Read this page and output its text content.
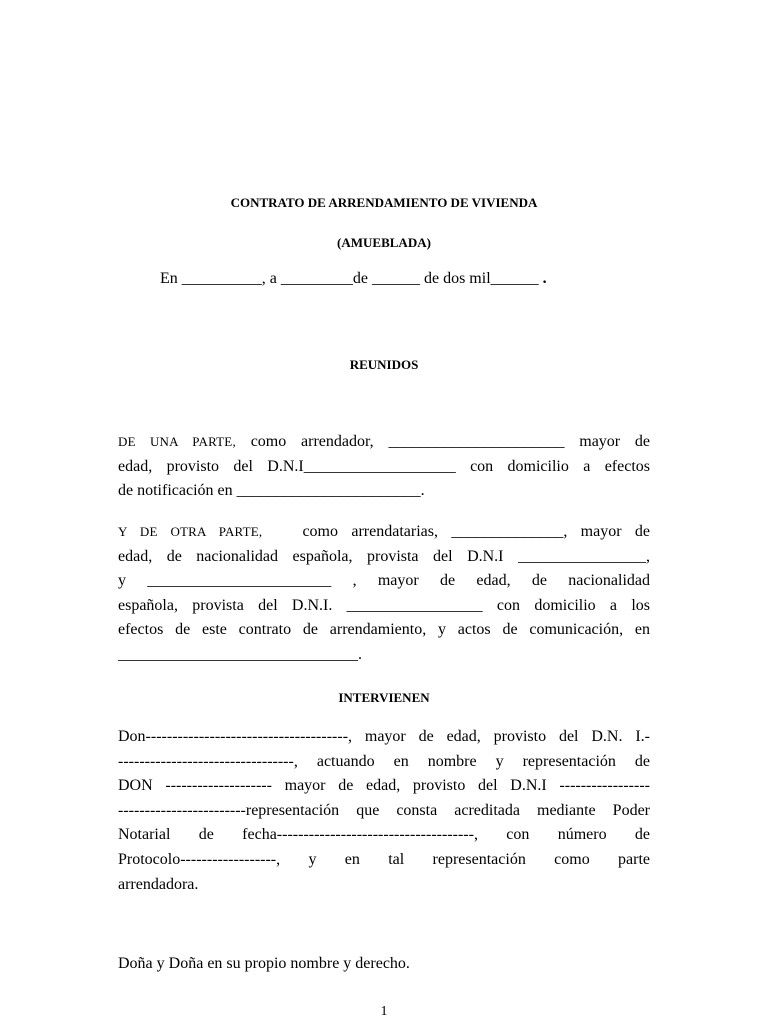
CONTRATO DE ARRENDAMIENTO DE VIVIENDA
(AMUEBLADA)
En __________, a _________de ______ de dos mil______ .
REUNIDOS
DE UNA PARTE, como arrendador, ______________________ mayor de
edad, provisto del D.N.I___________________ con domicilio a efectos
de notificación en _______________________.
Y DE OTRA PARTE,	como arrendatarias, ______________, mayor de
edad, de nacionalidad española, provista del D.N.I ________________,
y _______________________ , mayor de edad, de nacionalidad
española, provista del D.N.I. _________________ con domicilio a los
efectos de este contrato de arrendamiento, y actos de comunicación, en
______________________________.
INTERVIENEN
Don--------------------------------------, mayor de edad, provisto del D.N. I.-
---------------------------------, actuando en nombre y representación de
DON -------------------- mayor de edad, provisto del D.N.I -----------------
------------------------representación que consta acreditada mediante Poder
Notarial de fecha-------------------------------------, con número de
Protocolo------------------, y en tal representación como parte
arrendadora.
Doña y Doña en su propio nombre y derecho.
1
